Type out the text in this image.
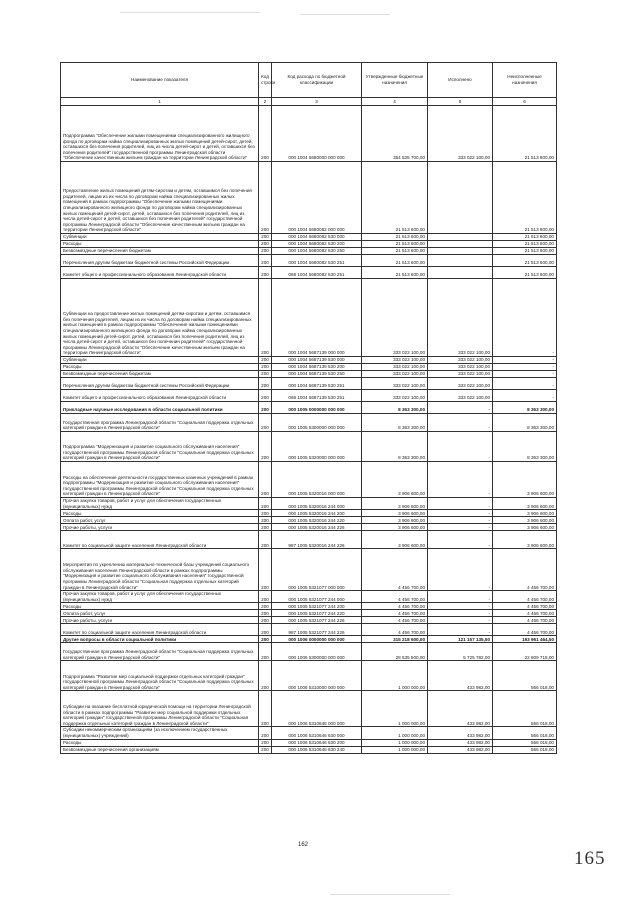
Наименование показателя	Код строки	Код расхода по бюджетной классификации	Утвержденные бюджетные назначения	Исполнено	Неисполненные назначения
1	2	3	4	5	6
Подпрограмма "Обеспечение жилыми помещениями специализированного жилищного фонда по договорам найма специализированных жилых помещений детей-сирот, детей, оставшихся без попечения родителей, лиц из числа детей-сирот и детей, оставшихся без попечения родителей" государственной программы Ленинградской области "Обеспечение качественным жильем граждан на территории Ленинградской области"	200	000 1004 5680000 000 000	354 535 700,00	333 022 100,00	21 513 600,00
Предоставление жилых помещений детям-сиротам и детям, оставшимся без попечения родителей, лицам из их числа по договорам найма специализированных жилых помещений в рамках подпрограммы "Обеспечение жилыми помещениями специализированного жилищного фонда по договорам найма специализированных жилых помещений детей-сирот, детей, оставшихся без попечения родителей, лиц из числа детей-сирот и детей, оставшихся без попечения родителей" государственной программы Ленинградской области "Обеспечение качественным жильем граждан на территории Ленинградской области"	200	000 1004 5680082 000 000	21 513 600,00		21 513 600,00
Субвенции	200	000 1004 5680082 530 000	21 513 600,00		21 513 600,00
Расходы	200	000 1004 5680082 530 200	21 513 600,00		21 513 600,00
Безвозмездные перечисления бюджетам	200	000 1004 5680082 530 250	21 513 600,00		21 513 600,00
Перечисления другим бюджетам бюджетной системы Российской Федерации	200	000 1004 5680082 530 251	21 513 600,00		21 513 600,00
Комитет общего и профессионального образования Ленинградской области	200	068 1004 5680082 530 251	21 513 600,00		21 513 600,00
Субвенции на предоставление жилых помещений детям-сиротам и детям, оставшимся без попечения родителей, лицам из их числа по договорам найма специализированных жилых помещений в рамках подпрограммы "Обеспечение жилыми помещениями специализированного жилищного фонда по договорам найма специализированных жилых помещений детей-сирот, детей, оставшихся без попечения родителей, лиц из числа детей-сирот и детей, оставшихся без попечения родителей" государственной программы Ленинградской области "Обеспечение качественным жильем граждан на территории Ленинградской области"	200	000 1004 5687139 000 000	333 022 100,00	333 022 100,00	-
Субвенции	200	000 1004 5687139 530 000	333 022 100,00	333 022 100,00	-
Расходы	200	000 1004 5687139 530 200	333 022 100,00	333 022 100,00	-
Безвозмездные перечисления бюджетам	200	000 1004 5687139 530 250	333 022 100,00	333 022 100,00	-
Перечисления другим бюджетам бюджетной системы Российской Федерации	200	000 1004 5687139 530 251	333 022 100,00	333 022 100,00	-
Комитет общего и профессионального образования Ленинградской области	200	068 1004 5687139 530 251	333 022 100,00	333 022 100,00	-
Прикладные научные исследования в области социальной политики	200	000 1005 0000000 000 000	8 363 300,00	-	8 363 300,00
Государственная программа Ленинградской области "Социальная поддержка отдельных категорий граждан в Ленинградской области"	200	000 1005 5300000 000 000	8 363 300,00	-	8 363 300,00
Подпрограмма "Модернизация и развитие социального обслуживания населения" государственной программы Ленинградской области "Социальная поддержка отдельных категорий граждан в Ленинградской области"	200	000 1005 5320000 000 000	8 363 300,00	-	8 363 300,00
Расходы на обеспечение деятельности государственных казенных учреждений в рамках подпрограммы "Модернизация и развитие социального обслуживания населения" государственной программы Ленинградской области "Социальная поддержка отдельных категорий граждан в Ленинградской области"	200	000 1005 5320016 000 000	3 906 600,00	-	3 906 600,00
Прочая закупка товаров, работ и услуг для обеспечения государственных (муниципальных) нужд	200	000 1005 5320016 244 000	3 906 600,00	-	3 906 600,00
Расходы	200	000 1005 5320016 244 200	3 906 600,00	-	3 906 600,00
Оплата работ, услуг	200	000 1005 5320016 244 220	3 906 600,00	-	3 906 600,00
Прочие работы, услуги	200	000 1005 5320016 244 226	3 906 600,00	-	3 906 600,00
Комитет по социальной защите населения Ленинградской области	200	987 1005 5320016 244 226	3 906 600,00	-	3 906 600,00
Мероприятия по укреплению материально-технической базы учреждений социального обслуживания населения Ленинградской области в рамках подпрограммы "Модернизация и развитие социального обслуживания населения" государственной программы Ленинградской области "Социальная поддержка отдельных категорий граждан в Ленинградской области"	200	000 1005 5321077 000 000	4 456 700,00	-	4 456 700,00
Прочая закупка товаров, работ и услуг для обеспечения государственных (муниципальных) нужд	200	000 1005 5321077 244 000	4 456 700,00	-	4 456 700,00
Расходы	200	000 1005 5321077 244 200	4 456 700,00	-	4 456 700,00
Оплата работ, услуг	200	000 1005 5321077 244 220	4 456 700,00	-	4 456 700,00
Прочие работы, услуги	200	000 1005 5321077 244 226	4 456 700,00	-	4 456 700,00
Комитет по социальной защите населения Ленинградской области	200	987 1005 5321077 244 226	4 456 700,00	-	4 456 700,00
Другие вопросы в области социальной политики	200	000 1006 0000000 000 000	315 218 600,00	121 157 135,50	193 961 464,50
Государственная программа Ленинградской области "Социальная поддержка отдельных категорий граждан в Ленинградской области"	200	000 1006 5300000 000 000	28 535 500,00	5 725 782,00	22 809 718,00
Подпрограмма "Развитие мер социальной поддержки отдельных категорий граждан" государственной программы Ленинградской области "Социальная поддержка отдельных категорий граждан в Ленинградской области"	200	000 1006 5310000 000 000	1 000 000,00	433 982,00	566 018,00
Субсидии на оказание бесплатной юридической помощи на территории Ленинградской области в рамках подпрограммы "Развитие мер социальной поддержки отдельных категорий граждан" государственной программы Ленинградской области "Социальная поддержка отдельных категорий граждан в Ленинградской области"	200	000 1006 5310646 000 000	1 000 000,00	433 982,00	566 018,00
Субсидии некоммерческим организациям (за исключением государственных (муниципальных) учреждений)	200	000 1006 5310646 630 000	1 000 000,00	433 982,00	566 018,00
Расходы	200	000 1006 5310646 630 200	1 000 000,00	433 982,00	566 018,00
Безвозмездные перечисления организациям	200	000 1006 5310646 630 240	1 000 000,00	433 982,00	566 018,00
162
165
